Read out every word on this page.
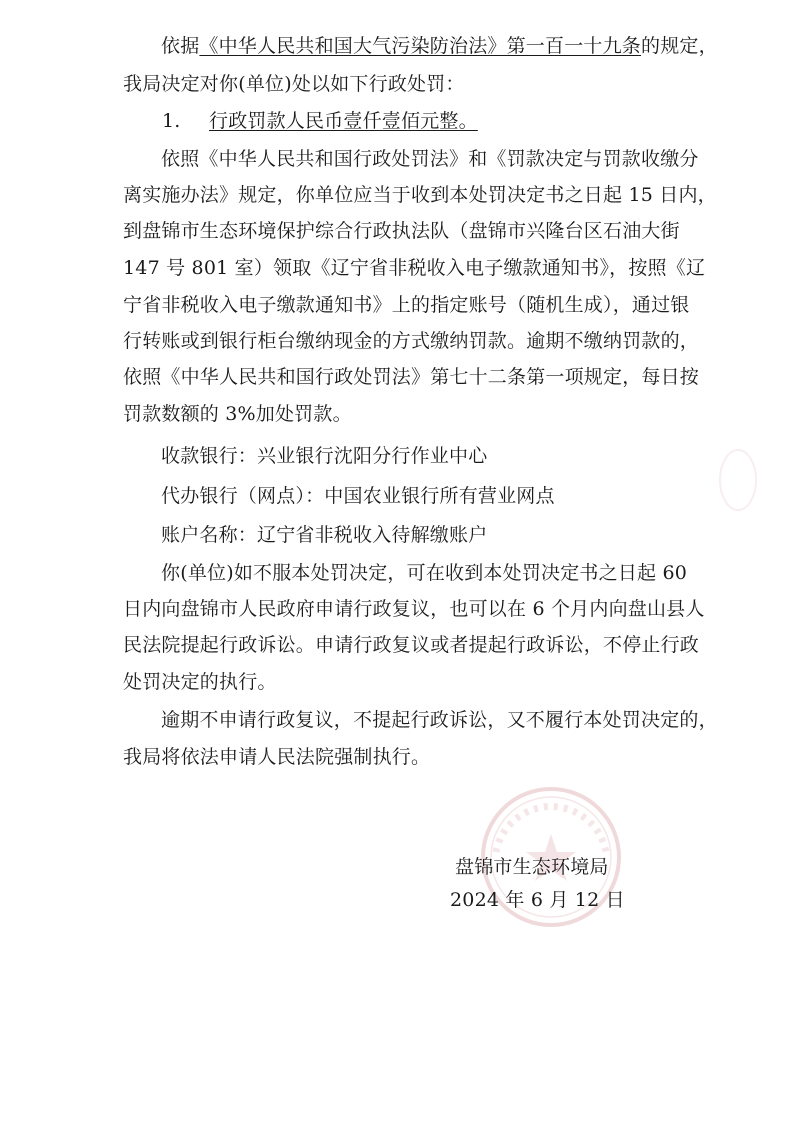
依据《中华人民共和国大气污染防治法》第一百一十九条的规定，
我局决定对你(单位)处以如下行政处罚：
1. 行政罚款人民币壹仟壹佰元整。
依照《中华人民共和国行政处罚法》和《罚款决定与罚款收缴分
离实施办法》规定，你单位应当于收到本处罚决定书之日起 15 日内，
到盘锦市生态环境保护综合行政执法队（盘锦市兴隆台区石油大街
147 号 801 室）领取《辽宁省非税收入电子缴款通知书》，按照《辽
宁省非税收入电子缴款通知书》上的指定账号（随机生成），通过银
行转账或到银行柜台缴纳现金的方式缴纳罚款。逾期不缴纳罚款的，
依照《中华人民共和国行政处罚法》第七十二条第一项规定，每日按
罚款数额的 3%加处罚款。
收款银行：兴业银行沈阳分行作业中心
代办银行（网点）：中国农业银行所有营业网点
账户名称：辽宁省非税收入待解缴账户
你(单位)如不服本处罚决定，可在收到本处罚决定书之日起 60
日内向盘锦市人民政府申请行政复议，也可以在 6 个月内向盘山县人
民法院提起行政诉讼。申请行政复议或者提起行政诉讼，不停止行政
处罚决定的执行。
逾期不申请行政复议，不提起行政诉讼，又不履行本处罚决定的，
我局将依法申请人民法院强制执行。
盘锦市生态环境局
2024 年 6 月 12 日
